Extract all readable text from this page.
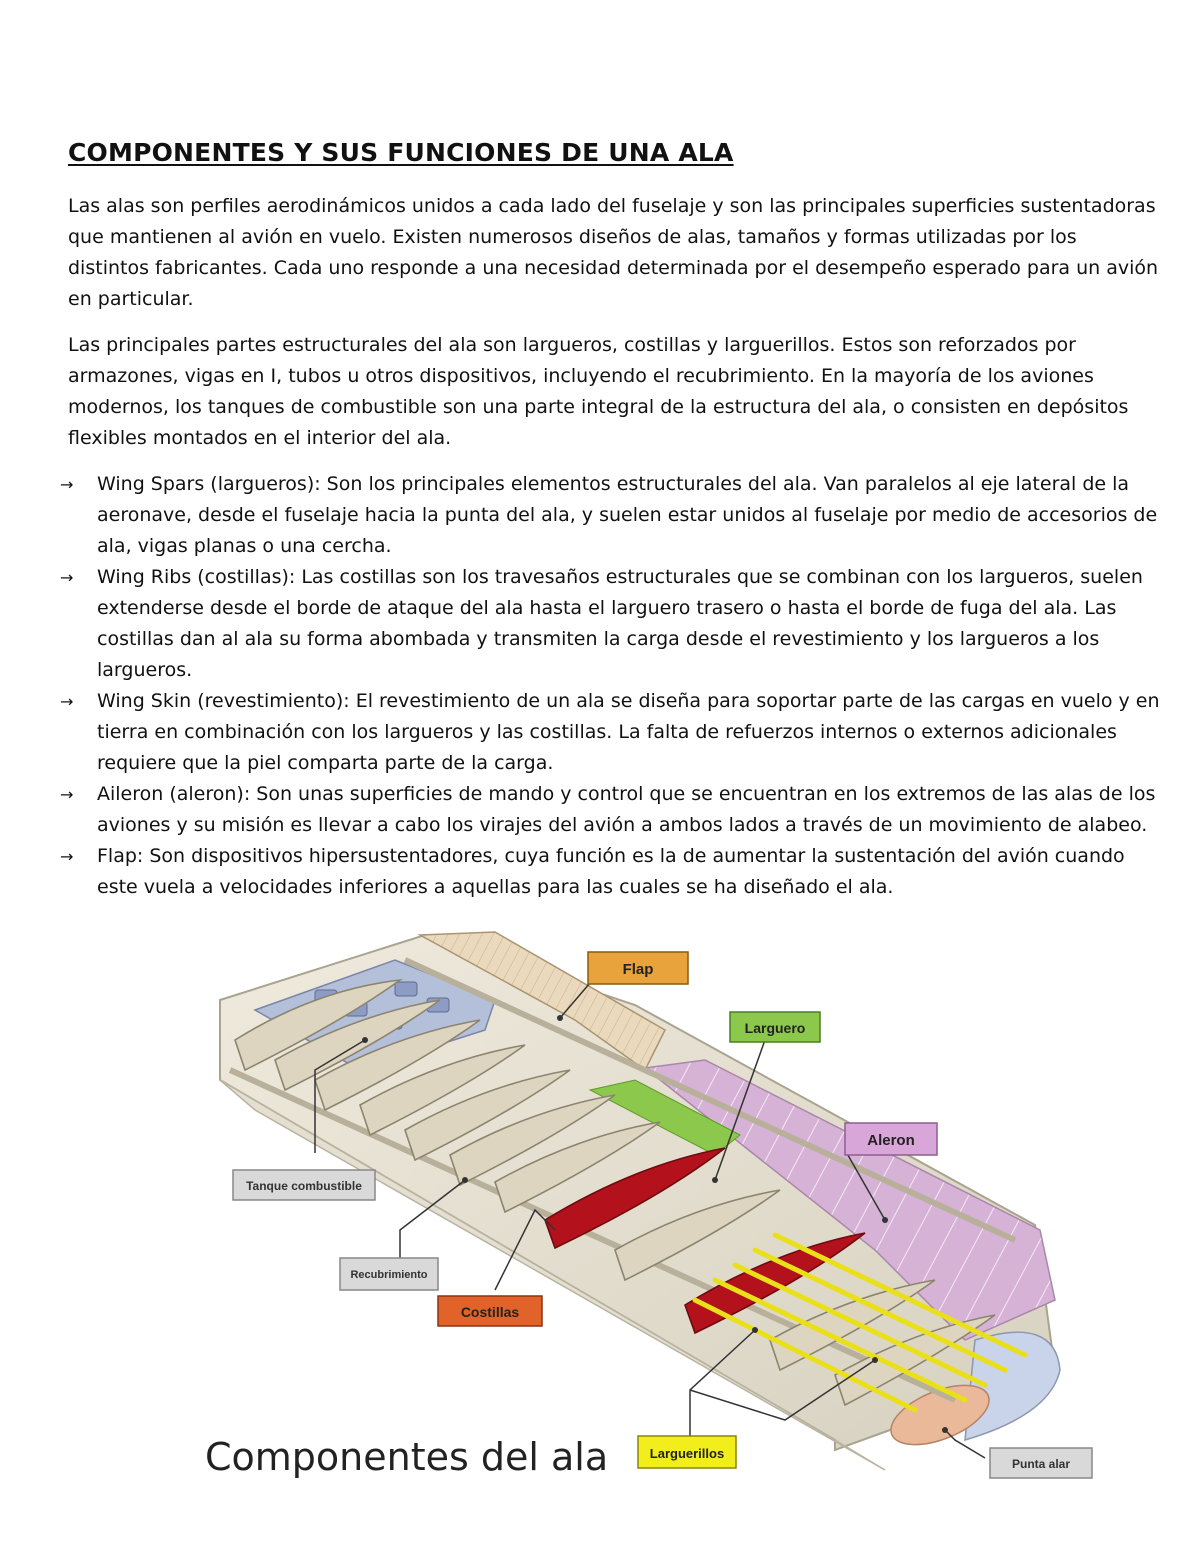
COMPONENTES Y SUS FUNCIONES DE UNA ALA

Las alas son perfiles aerodinámicos unidos a cada lado del fuselaje y son las principales superficies sustentadoras que mantienen al avión en vuelo. Existen numerosos diseños de alas, tamaños y formas utilizadas por los distintos fabricantes. Cada uno responde a una necesidad determinada por el desempeño esperado para un avión en particular.

Las principales partes estructurales del ala son largueros, costillas y larguerillos. Estos son reforzados por armazones, vigas en I, tubos u otros dispositivos, incluyendo el recubrimiento. En la mayoría de los aviones modernos, los tanques de combustible son una parte integral de la estructura del ala, o consisten en depósitos flexibles montados en el interior del ala.

→ Wing Spars (largueros): Son los principales elementos estructurales del ala. Van paralelos al eje lateral de la aeronave, desde el fuselaje hacia la punta del ala, y suelen estar unidos al fuselaje por medio de accesorios de ala, vigas planas o una cercha.
→ Wing Ribs (costillas): Las costillas son los travesaños estructurales que se combinan con los largueros, suelen extenderse desde el borde de ataque del ala hasta el larguero trasero o hasta el borde de fuga del ala. Las costillas dan al ala su forma abombada y transmiten la carga desde el revestimiento y los largueros a los largueros.
→ Wing Skin (revestimiento): El revestimiento de un ala se diseña para soportar parte de las cargas en vuelo y en tierra en combinación con los largueros y las costillas. La falta de refuerzos internos o externos adicionales requiere que la piel comparta parte de la carga.
→ Aileron (aleron): Son unas superficies de mando y control que se encuentran en los extremos de las alas de los aviones y su misión es llevar a cabo los virajes del avión a ambos lados a través de un movimiento de alabeo.
→ Flap: Son dispositivos hipersustentadores, cuya función es la de aumentar la sustentación del avión cuando este vuela a velocidades inferiores a aquellas para las cuales se ha diseñado el ala.
Flap
Larguero
Aleron
Tanque combustible
Recubrimiento
Costillas
Larguerillos
Punta alar
Componentes del ala
